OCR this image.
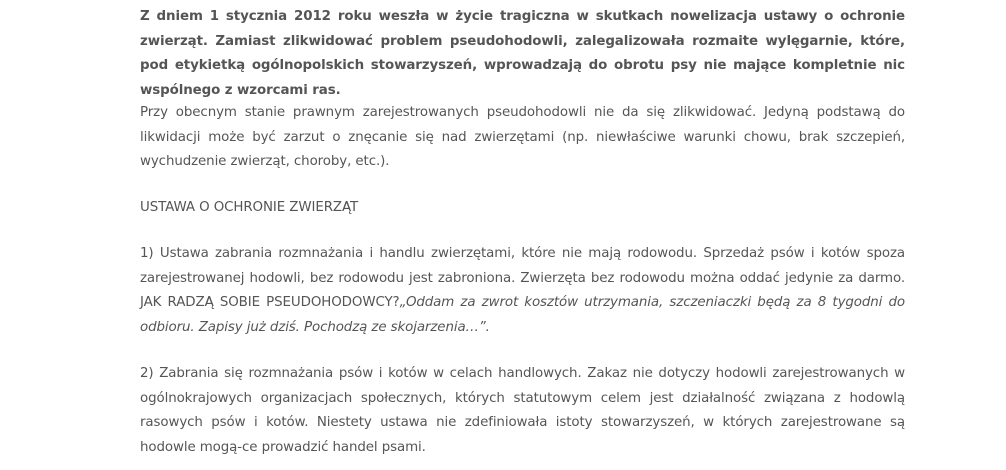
Z dniem 1 stycznia 2012 roku weszła w życie tragiczna w skutkach nowelizacja ustawy o ochronie zwierząt. Zamiast zlikwidować problem pseudohodowli, zalegalizowała rozmaite wylęgarnie, które, pod etykietką ogólnopolskich stowarzyszeń, wprowadzają do obrotu psy nie mające kompletnie nic wspólnego z wzorcami ras.

Przy obecnym stanie prawnym zarejestrowanych pseudohodowli nie da się zlikwidować. Jedyną podstawą do likwidacji może być zarzut o znęcanie się nad zwierzętami (np. niewłaściwe warunki chowu, brak szczepień, wychudzenie zwierząt, choroby, etc.).

USTAWA O OCHRONIE ZWIERZĄT

1) Ustawa zabrania rozmnażania i handlu zwierzętami, które nie mają rodowodu. Sprzedaż psów i kotów spoza zarejestrowanej hodowli, bez rodowodu jest zabroniona. Zwierzęta bez rodowodu można oddać jedynie za darmo. JAK RADZĄ SOBIE PSEUDOHODOWCY?„Oddam za zwrot kosztów utrzymania, szczeniaczki będą za 8 tygodni do odbioru. Zapisy już dziś. Pochodzą ze skojarzenia…”.

2) Zabrania się rozmnażania psów i kotów w celach handlowych. Zakaz nie dotyczy hodowli zarejestrowanych w ogólnokrajowych organizacjach społecznych, których statutowym celem jest działalność związana z hodowlą rasowych psów i kotów. Niestety ustawa nie zdefiniowała istoty stowarzyszeń, w których zarejestrowane są hodowle mogą-ce prowadzić handel psami.
